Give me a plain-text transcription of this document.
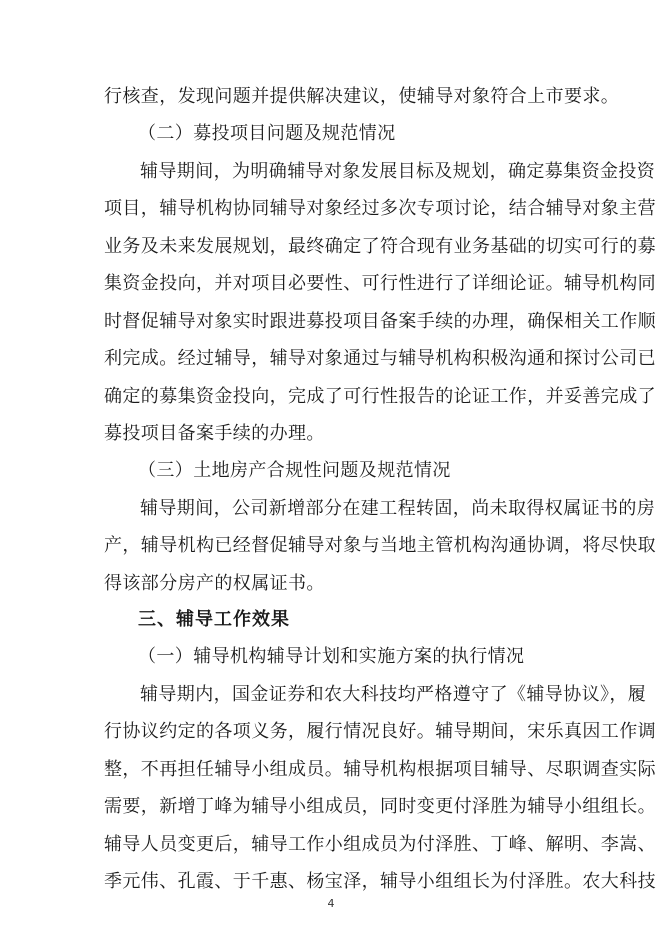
行核查，发现问题并提供解决建议，使辅导对象符合上市要求。
（二）募投项目问题及规范情况
辅导期间，为明确辅导对象发展目标及规划，确定募集资金投资
项目，辅导机构协同辅导对象经过多次专项讨论，结合辅导对象主营
业务及未来发展规划，最终确定了符合现有业务基础的切实可行的募
集资金投向，并对项目必要性、可行性进行了详细论证。辅导机构同
时督促辅导对象实时跟进募投项目备案手续的办理，确保相关工作顺
利完成。经过辅导，辅导对象通过与辅导机构积极沟通和探讨公司已
确定的募集资金投向，完成了可行性报告的论证工作，并妥善完成了
募投项目备案手续的办理。
（三）土地房产合规性问题及规范情况
辅导期间，公司新增部分在建工程转固，尚未取得权属证书的房
产，辅导机构已经督促辅导对象与当地主管机构沟通协调，将尽快取
得该部分房产的权属证书。
三、辅导工作效果
（一）辅导机构辅导计划和实施方案的执行情况
辅导期内，国金证券和农大科技均严格遵守了《辅导协议》，履
行协议约定的各项义务，履行情况良好。辅导期间，宋乐真因工作调
整，不再担任辅导小组成员。辅导机构根据项目辅导、尽职调查实际
需要，新增丁峰为辅导小组成员，同时变更付泽胜为辅导小组组长。
辅导人员变更后，辅导工作小组成员为付泽胜、丁峰、解明、李嵩、
季元伟、孔霞、于千惠、杨宝泽，辅导小组组长为付泽胜。农大科技
4
